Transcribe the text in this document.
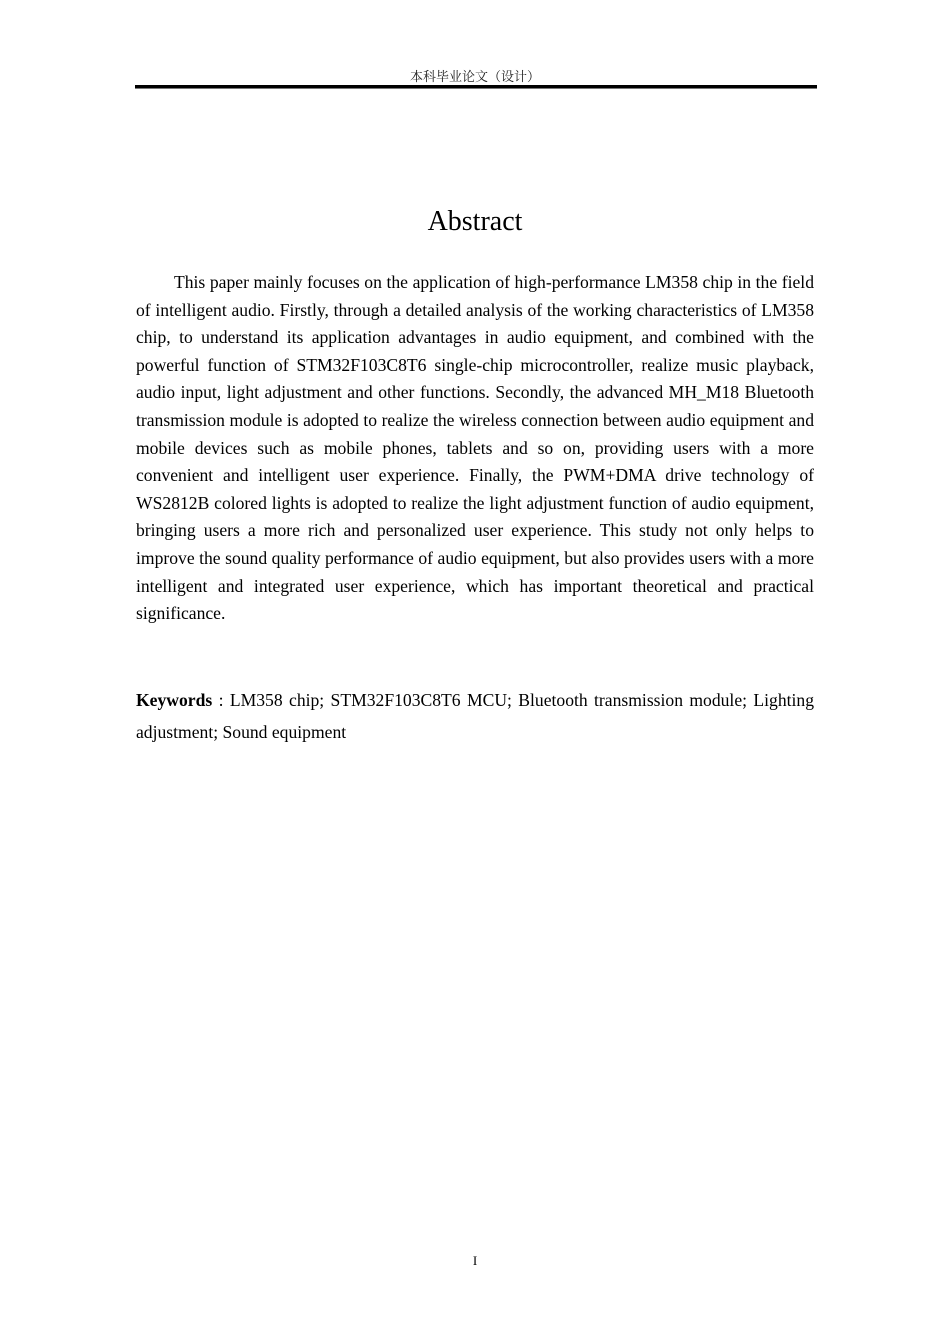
本科毕业论文（设计）
Abstract

This paper mainly focuses on the application of high-performance LM358 chip in the field of intelligent audio. Firstly, through a detailed analysis of the working characteristics of LM358 chip, to understand its application advantages in audio equipment, and combined with the powerful function of STM32F103C8T6 single-chip microcontroller, realize music playback, audio input, light adjustment and other functions. Secondly, the advanced MH_M18 Bluetooth transmission module is adopted to realize the wireless connection between audio equipment and mobile devices such as mobile phones, tablets and so on, providing users with a more convenient and intelligent user experience. Finally, the PWM+DMA drive technology of WS2812B colored lights is adopted to realize the light adjustment function of audio equipment, bringing users a more rich and personalized user experience. This study not only helps to improve the sound quality performance of audio equipment, but also provides users with a more intelligent and integrated user experience, which has important theoretical and practical significance.

Keywords : LM358 chip; STM32F103C8T6 MCU; Bluetooth transmission module; Lighting adjustment; Sound equipment

I
